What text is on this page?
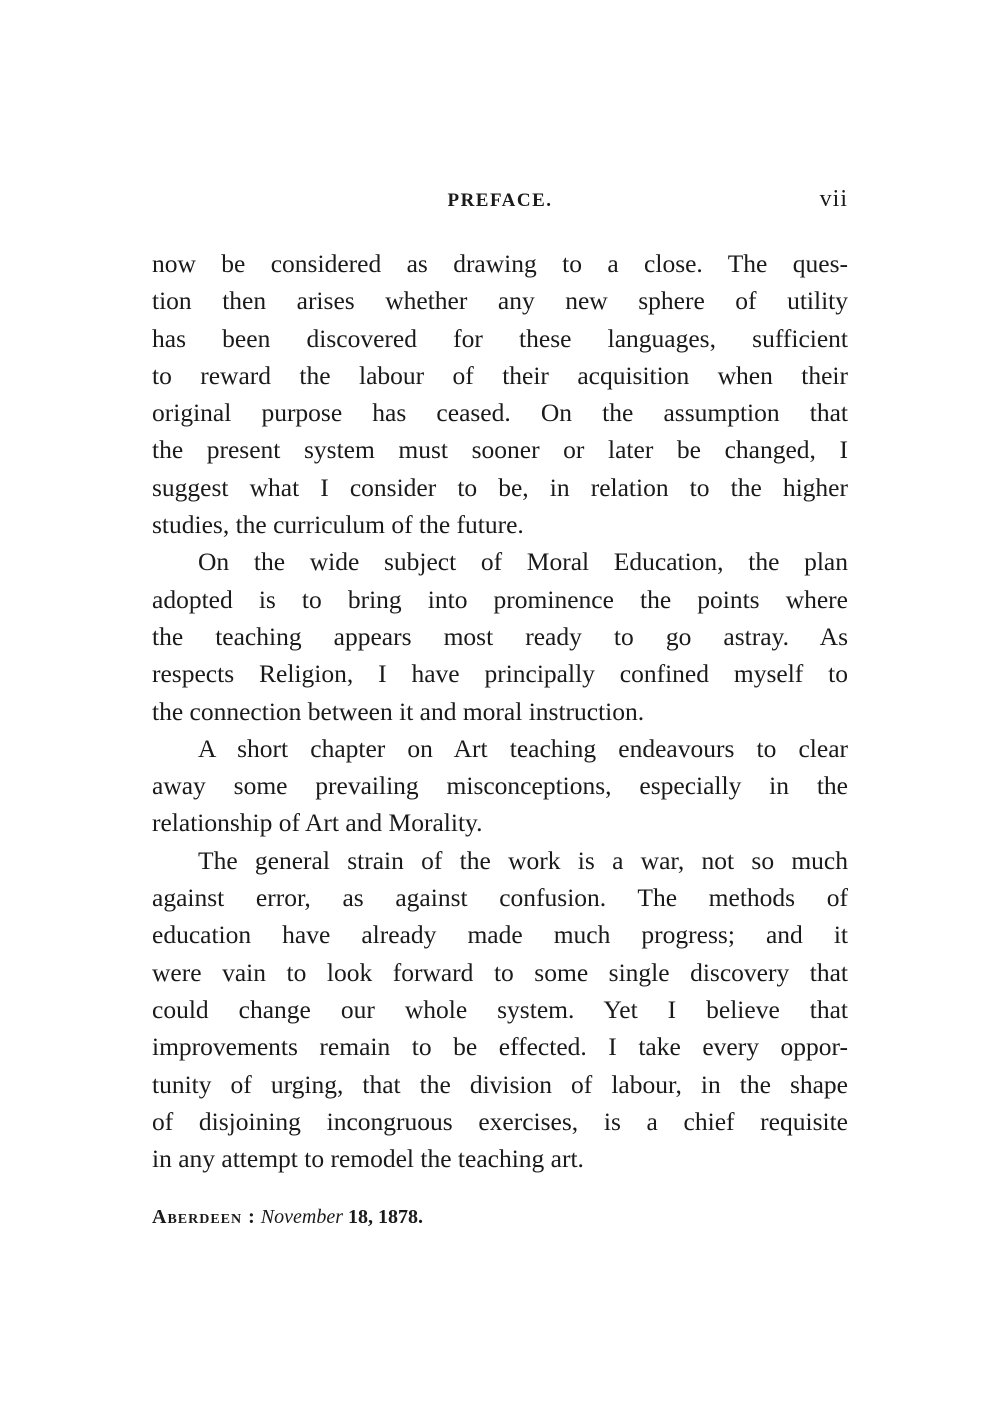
PREFACE.	vii
now be considered as drawing to a close. The ques-
tion then arises whether any new sphere of utility
has been discovered for these languages, sufficient
to reward the labour of their acquisition when their
original purpose has ceased. On the assumption that
the present system must sooner or later be changed, I
suggest what I consider to be, in relation to the higher
studies, the curriculum of the future.
On the wide subject of Moral Education, the plan
adopted is to bring into prominence the points where
the teaching appears most ready to go astray. As
respects Religion, I have principally confined myself to
the connection between it and moral instruction.
A short chapter on Art teaching endeavours to clear
away some prevailing misconceptions, especially in the
relationship of Art and Morality.
The general strain of the work is a war, not so much
against error, as against confusion. The methods of
education have already made much progress; and it
were vain to look forward to some single discovery that
could change our whole system. Yet I believe that
improvements remain to be effected. I take every oppor-
tunity of urging, that the division of labour, in the shape
of disjoining incongruous exercises, is a chief requisite
in any attempt to remodel the teaching art.
Aberdeen : November 18, 1878.
